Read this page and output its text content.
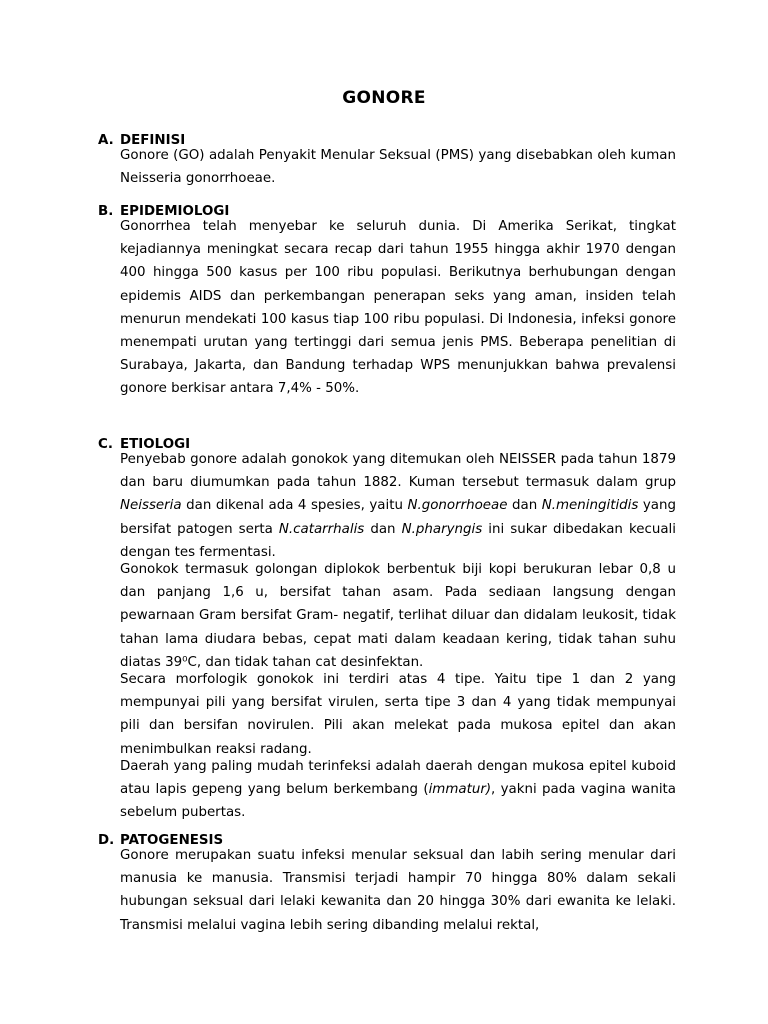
GONORE
A. DEFINISI

Gonore (GO) adalah Penyakit Menular Seksual (PMS) yang disebabkan oleh kuman Neisseria gonorrhoeae.

B. EPIDEMIOLOGI

Gonorrhea telah menyebar ke seluruh dunia. Di Amerika Serikat, tingkat kejadiannya meningkat secara recap dari tahun 1955 hingga akhir 1970 dengan 400 hingga 500 kasus per 100 ribu populasi. Berikutnya berhubungan dengan epidemis AIDS dan perkembangan penerapan seks yang aman, insiden telah menurun mendekati 100 kasus tiap 100 ribu populasi. Di Indonesia, infeksi gonore menempati urutan yang tertinggi dari semua jenis PMS. Beberapa penelitian di Surabaya, Jakarta, dan Bandung terhadap WPS menunjukkan bahwa prevalensi gonore berkisar antara 7,4% - 50%.

C. ETIOLOGI

Penyebab gonore adalah gonokok yang ditemukan oleh NEISSER pada tahun 1879 dan baru diumumkan pada tahun 1882. Kuman tersebut termasuk dalam grup Neisseria dan dikenal ada 4 spesies, yaitu N.gonorrhoeae dan N.meningitidis yang bersifat patogen serta N.catarrhalis dan N.pharyngis ini sukar dibedakan kecuali dengan tes fermentasi.

Gonokok termasuk golongan diplokok berbentuk biji kopi berukuran lebar 0,8 u dan panjang 1,6 u, bersifat tahan asam. Pada sediaan langsung dengan pewarnaan Gram bersifat Gram- negatif, terlihat diluar dan didalam leukosit, tidak tahan lama diudara bebas, cepat mati dalam keadaan kering, tidak tahan suhu diatas 39⁰C, dan tidak tahan cat desinfektan.

Secara morfologik gonokok ini terdiri atas 4 tipe. Yaitu tipe 1 dan 2 yang mempunyai pili yang bersifat virulen, serta tipe 3 dan 4 yang tidak mempunyai pili dan bersifan novirulen. Pili akan melekat pada mukosa epitel dan akan menimbulkan reaksi radang.

Daerah yang paling mudah terinfeksi adalah daerah dengan mukosa epitel kuboid atau lapis gepeng yang belum berkembang (immatur), yakni pada vagina wanita sebelum pubertas.

D. PATOGENESIS

Gonore merupakan suatu infeksi menular seksual dan labih sering menular dari manusia ke manusia. Transmisi terjadi hampir 70 hingga 80% dalam sekali hubungan seksual dari lelaki kewanita dan 20 hingga 30% dari ewanita ke lelaki. Transmisi melalui vagina lebih sering dibanding melalui rektal,
